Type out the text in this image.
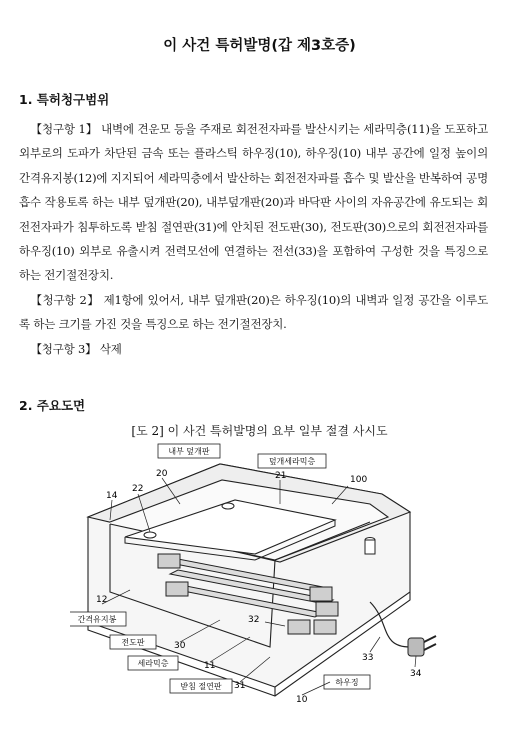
이 사건 특허발명(갑 제3호증)
1. 특허청구범위

【청구항 1】 내벽에 견운모 등을 주재로 회전전자파를 발산시키는 세라믹층(11)을 도포하고 외부로의 도파가 차단된 금속 또는 플라스틱 하우징(10), 하우징(10) 내부 공간에 일정 높이의 간격유지봉(12)에 지지되어 세라믹층에서 발산하는 회전전자파를 흡수 및 발산을 반복하여 공명흡수 작용토록 하는 내부 덮개판(20), 내부덮개판(20)과 바닥판 사이의 자유공간에 유도되는 회전전자파가 침투하도록 받침 절연판(31)에 안치된 전도판(30), 전도판(30)으로의 회전전자파를 하우징(10) 외부로 유출시켜 전력모선에 연결하는 전선(33)을 포함하여 구성한 것을 특징으로 하는 전기절전장치.

【청구항 2】 제1항에 있어서, 내부 덮개판(20)은 하우징(10)의 내벽과 일정 공간을 이루도록 하는 크기를 가진 것을 특징으로 하는 전기절전장치.

【청구항 3】 삭제

2. 주요도면
[도 2] 이 사건 특허발명의 요부 일부 절결 사시도
내부 덮개판
덮개세라믹층
간격유지봉
전도판
세라믹층
받침 절연판	하우징
20	21
22
100
14
12
30
11
31
10
32
33
34
